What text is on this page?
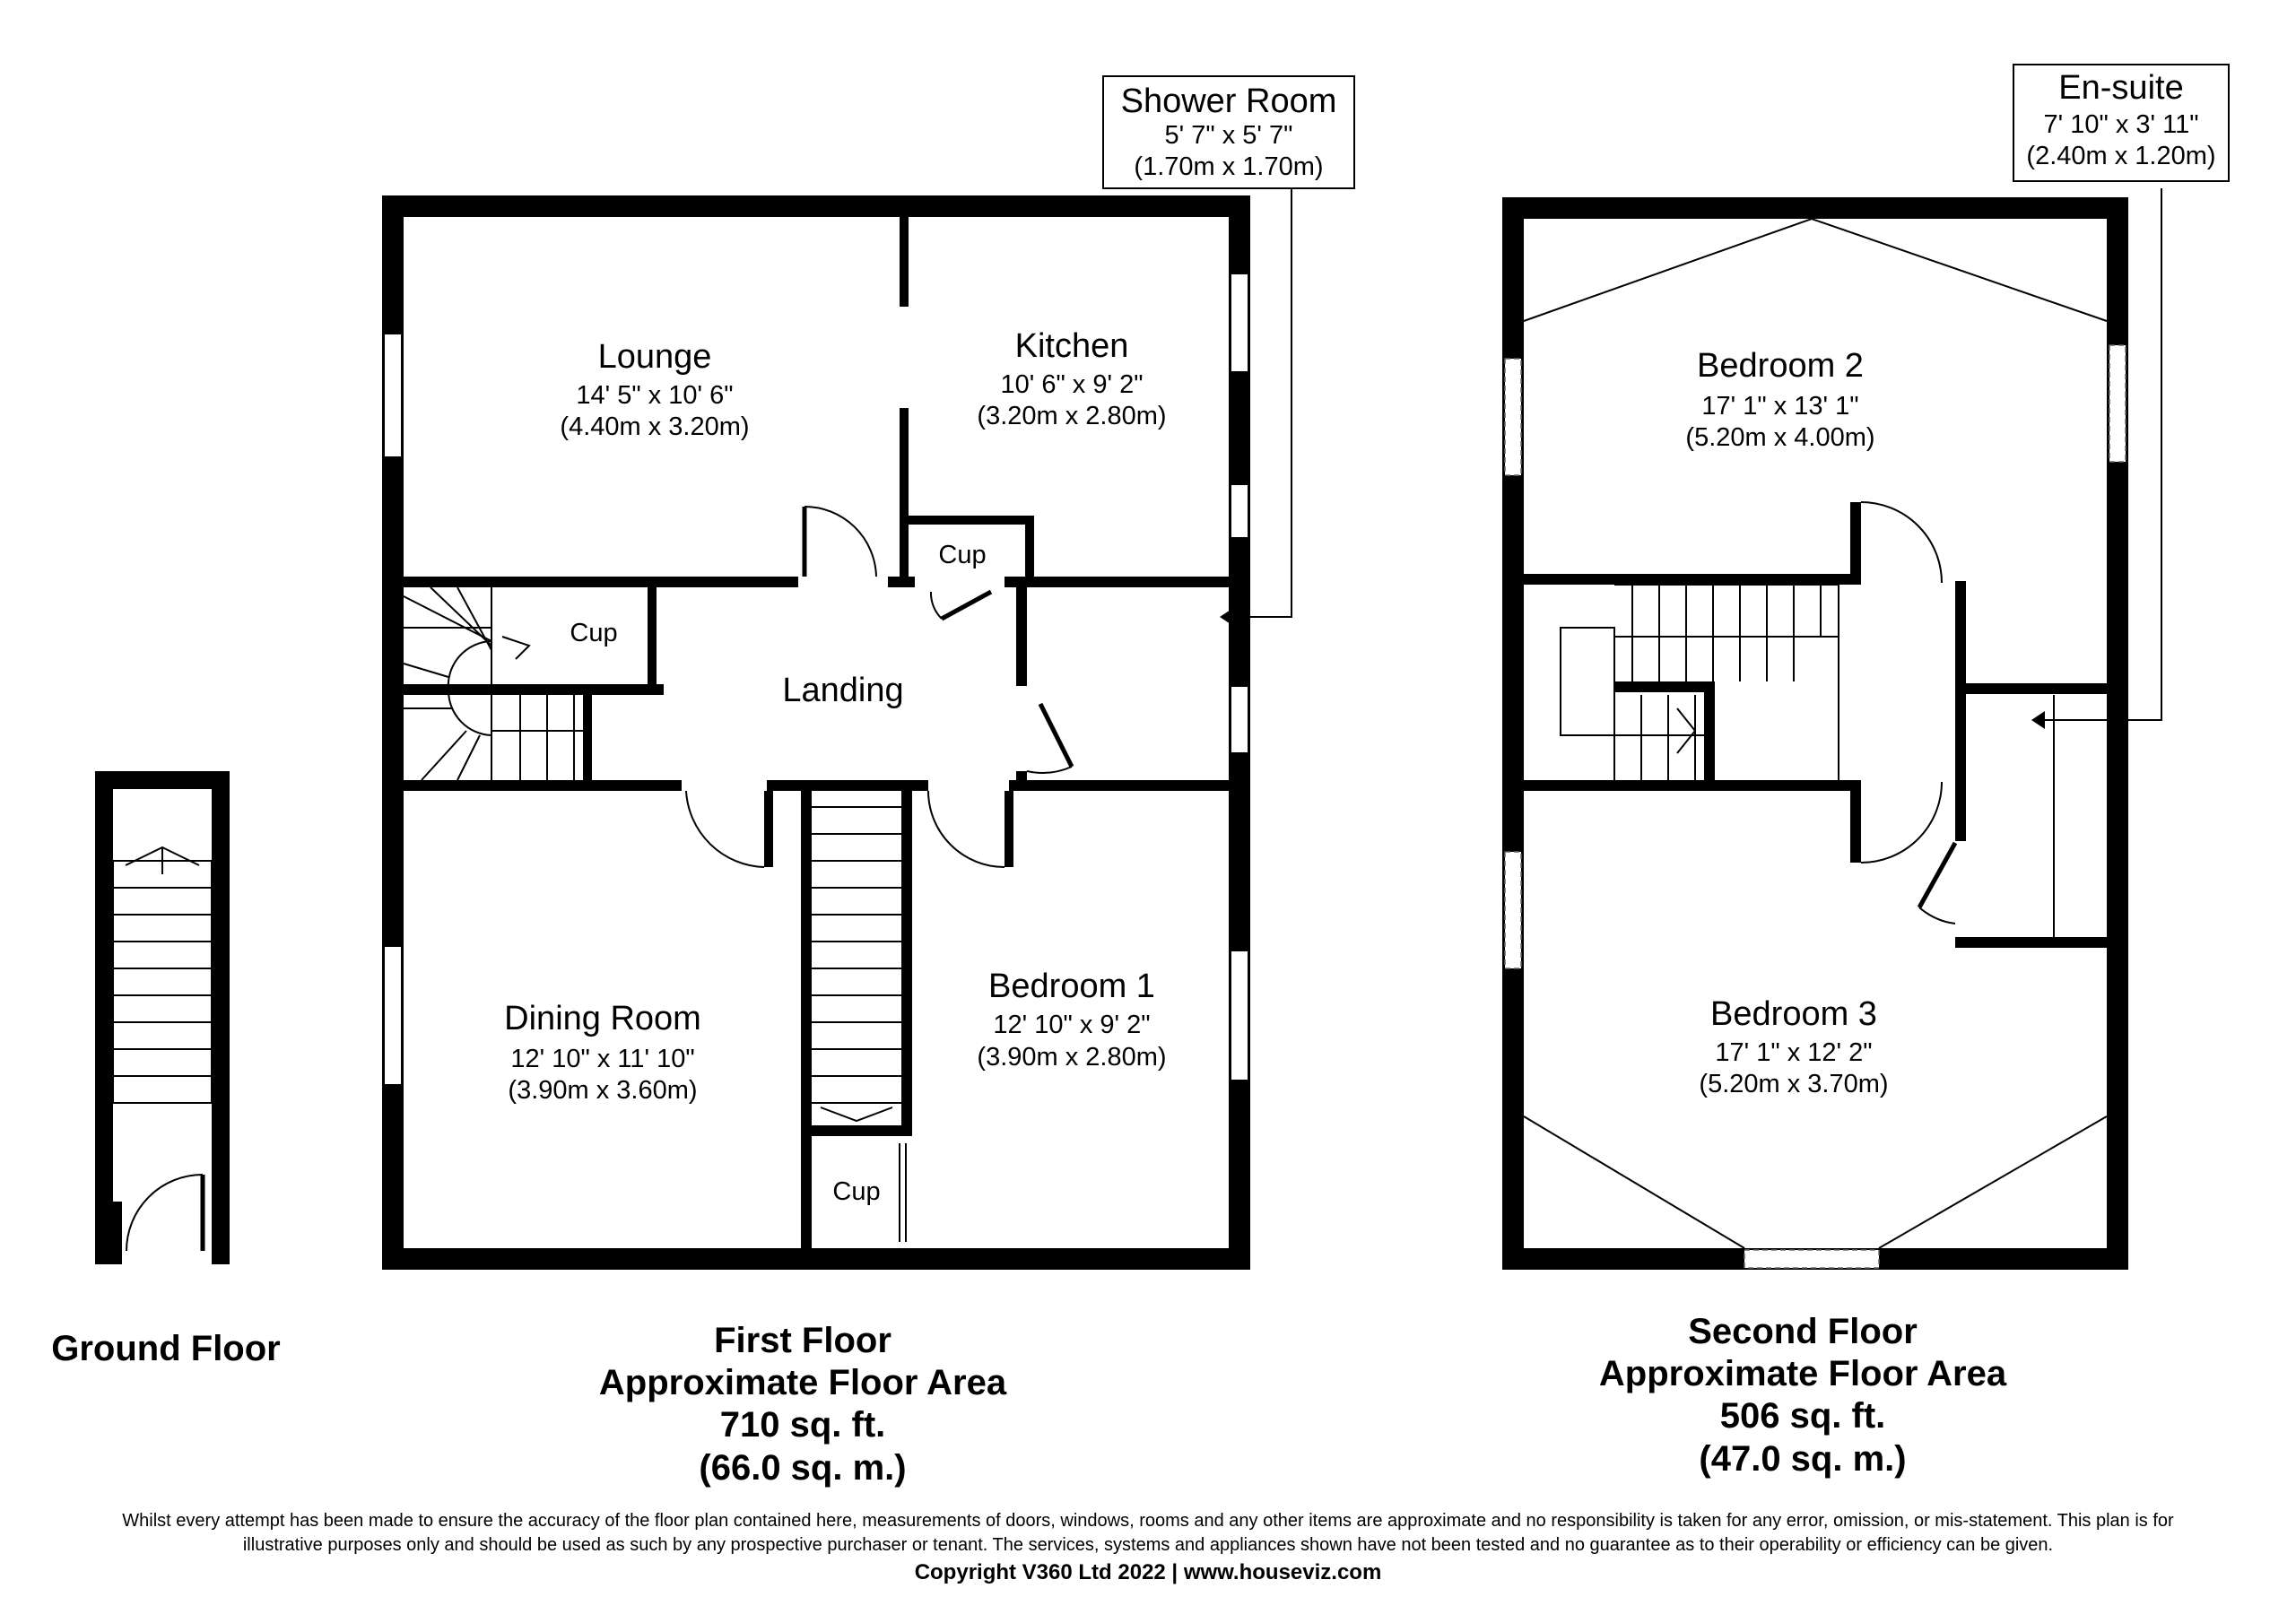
Cup
Cup
Cup
Lounge
14' 5" x 10' 6"
(4.40m x 3.20m)
Kitchen
10' 6" x 9' 2"
(3.20m x 2.80m)
Landing
Dining Room
12' 10" x 11' 10"
(3.90m x 3.60m)
Bedroom 1
12' 10" x 9' 2"
(3.90m x 2.80m)
Shower Room
5' 7" x 5' 7"
(1.70m x 1.70m)
Bedroom 2
17' 1" x 13' 1"
(5.20m x 4.00m)
Bedroom 3
17' 1" x 12' 2"
(5.20m x 3.70m)
En-suite
7' 10" x 3' 11"
(2.40m x 1.20m)
Ground Floor	First Floor
Approximate Floor Area
710 sq. ft.
(66.0 sq. m.)
Second Floor
Approximate Floor Area
506 sq. ft.
(47.0 sq. m.)
Whilst every attempt has been made to ensure the accuracy of the floor plan contained here, measurements of doors, windows, rooms and any other items are approximate and no responsibility is taken for any error, omission, or mis-statement. This plan is for
illustrative purposes only and should be used as such by any prospective purchaser or tenant. The services, systems and appliances shown have not been tested and no guarantee as to their operability or efficiency can be given.
Copyright V360 Ltd 2022 | www.houseviz.com
